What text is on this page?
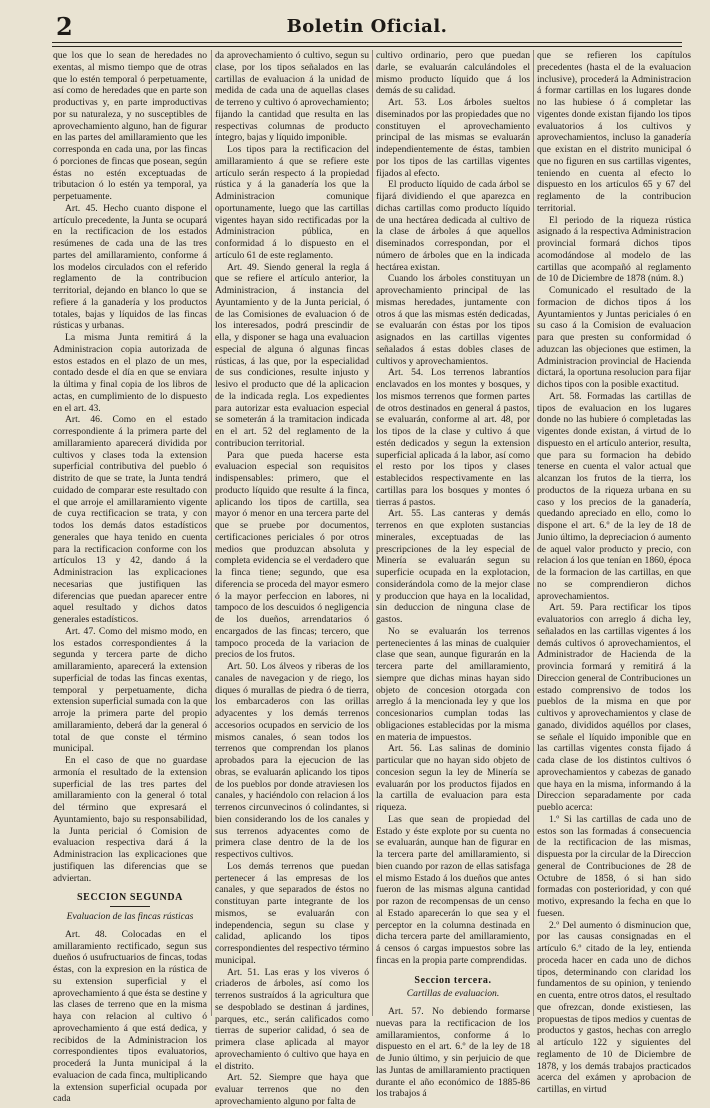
2	Boletin Oficial.

que los que lo sean de heredades no exentas, al mismo tiempo que de otras que lo estén temporal ó perpetuamente, así como de heredades que en parte son productivas y, en parte improductivas por su naturaleza, y no susceptibles de aprovechamiento alguno, han de figurar en las partes del amillaramiento que les corresponda en cada una, por las fincas ó porciones de fincas que posean, según éstas no estén exceptuadas de tributacion ó lo estén ya temporal, ya perpetuamente.

Art. 45. Hecho cuanto dispone el artículo precedente, la Junta se ocupará en la rectificacion de los estados resúmenes de cada una de las tres partes del amillaramiento, conforme á los modelos circulados con el referido reglamento de la contribucion territorial, dejando en blanco lo que se refiere á la ganadería y los productos totales, bajas y líquidos de las fincas rústicas y urbanas.

La misma Junta remitirá á la Administracion copia autorizada de estos estados en el plazo de un mes, contado desde el día en que se enviara la última y final copia de los libros de actas, en cumplimiento de lo dispuesto en el art. 43.

Art. 46. Como en el estado correspondiente á la primera parte del amillaramiento aparecerá dividida por cultivos y clases toda la extension superficial contributiva del pueblo ó distrito de que se trate, la Junta tendrá cuidado de comparar este resultado con el que arroje el amillaramiento vigente de cuya rectificacion se trata, y con todos los demás datos estadísticos generales que haya tenido en cuenta para la rectificacion conforme con los artículos 13 y 42, dando á la Administracion las explicaciones necesarias que justifiquen las diferencias que puedan aparecer entre aquel resultado y dichos datos generales estadísticos.

Art. 47. Como del mismo modo, en los estados correspondientes á la segunda y tercera parte de dicho amillaramiento, aparecerá la extension superficial de todas las fincas exentas, temporal y perpetuamente, dicha extension superficial sumada con la que arroje la primera parte del propio amillaramiento, deberá dar la general ó total de que conste el término municipal.

En el caso de que no guardase armonía el resultado de la extension superficial de las tres partes del amillaramiento con la general ó total del término que expresará el Ayuntamiento, bajo su responsabilidad, la Junta pericial ó Comision de evaluacion respectiva dará á la Administracion las explicaciones que justifiquen las diferencias que se adviertan.

SECCION SEGUNDA
Evaluacion de las fincas rústicas

Art. 48. Colocadas en el amillaramiento rectificado, segun sus dueños ó usufructuarios de fincas, todas éstas, con la expresion en la rústica de su extension superficial y el aprovechamiento á que ésta se destine y las clases de terreno que en la misma haya con relacion al cultivo ó aprovechamiento á que está dedica, y recibidos de la Administracion los correspondientes tipos evaluatorios, procederá la Junta municipal á la evaluacion de cada finca, multiplicando la extension superficial ocupada por cada

da aprovechamiento ó cultivo, segun su clase, por los tipos señalados en las cartillas de evaluacion á la unidad de medida de cada una de aquellas clases de terreno y cultivo ó aprovechamiento; fijando la cantidad que resulta en las respectivas columnas de producto íntegro, bajas y líquido imponible.

Los tipos para la rectificacion del amillaramiento á que se refiere este artículo serán respecto á la propiedad rústica y á la ganadería los que la Administracion comunique oportunamente, luego que las cartillas vigentes hayan sido rectificadas por la Administracion pública, en conformidad á lo dispuesto en el artículo 61 de este reglamento.

Art. 49. Siendo general la regla á que se refiere el artículo anterior, la Administracion, á instancia del Ayuntamiento y de la Junta pericial, ó de las Comisiones de evaluacion ó de los interesados, podrá prescindir de ella, y disponer se haga una evaluacion especial de alguna ó algunas fincas rústicas, á las que, por la especialidad de sus condiciones, resulte injusto y lesivo el producto que dé la aplicacion de la indicada regla. Los expedientes para autorizar esta evaluacion especial se someterán á la tramitacion indicada en el art. 52 del reglamento de la contribucion territorial.

Para que pueda hacerse esta evaluacion especial son requisitos indispensables: primero, que el producto líquido que resulte á la finca, aplicando los tipos de cartilla, sea mayor ó menor en una tercera parte del que se pruebe por documentos, certificaciones periciales ó por otros medios que produzcan absoluta y completa evidencia se el verdadero que la finca tiene; segundo, que esa diferencia se proceda del mayor esmero ó la mayor perfeccion en labores, ni tampoco de los descuidos ó negligencia de los dueños, arrendatarios ó encargados de las fincas; tercero, que tampoco proceda de la variacion de precios de los frutos.

Art. 50. Los álveos y riberas de los canales de navegacion y de riego, los diques ó murallas de piedra ó de tierra, los embarcaderos con las orillas adyacentes y los demás terrenos accesorios ocupados en servicio de los mismos canales, ó sean todos los terrenos que comprendan los planos aprobados para la ejecucion de las obras, se evaluarán aplicando los tipos de los pueblos por donde atraviesen los canales, y haciéndolo con relacion á los terrenos circunvecinos ó colindantes, si bien considerando los de los canales y sus terrenos adyacentes como de primera clase dentro de la de los respectivos cultivos.

Los demás terrenos que puedan pertenecer á las empresas de los canales, y que separados de éstos no constituyan parte integrante de los mismos, se evaluarán con independencia, segun su clase y calidad, aplicando los tipos correspondientes del respectivo término municipal.

Art. 51. Las eras y los viveros ó criaderos de árboles, así como los terrenos sustraídos á la agricultura que se despoblado se destinan á jardines, parques, etc., serán calificados como tierras de superior calidad, ó sea de primera clase aplicada al mayor aprovechamiento ó cultivo que haya en el distrito.

Art. 52. Siempre que haya que evaluar terrenos que no den aprovechamiento alguno por falta de

cultivo ordinario, pero que puedan darle, se evaluarán calculándoles el mismo producto líquido que á los demás de su calidad.

Art. 53. Los árboles sueltos diseminados por las propiedades que no constituyen el aprovechamiento principal de las mismas se evaluarán independientemente de éstas, tambien por los tipos de las cartillas vigentes fijados al efecto.

El producto líquido de cada árbol se fijará dividiendo el que aparezca en dichas cartillas como producto líquido de una hectárea dedicada al cultivo de la clase de árboles á que aquellos diseminados correspondan, por el número de árboles que en la indicada hectárea existan.

Cuando los árboles constituyan un aprovechamiento principal de las mismas heredades, juntamente con otros á que las mismas estén dedicadas, se evaluarán con éstas por los tipos asignados en las cartillas vigentes señalados á estas dobles clases de cultivos y aprovechamientos.

Art. 54. Los terrenos labrantíos enclavados en los montes y bosques, y los mismos terrenos que formen partes de otros destinados en general á pastos, se evaluarán, conforme al art. 48, por los tipos de la clase y cultivo á que estén dedicados y segun la extension superficial aplicada á la labor, así como el resto por los tipos y clases establecidos respectivamente en las cartillas para los bosques y montes ó tierras á pastos.

Art. 55. Las canteras y demás terrenos en que exploten sustancias minerales, exceptuadas de las prescripciones de la ley especial de Minería se evaluarán segun su superficie ocupada en la explotacion, considerándola como de la mejor clase y produccion que haya en la localidad, sin deduccion de ninguna clase de gastos.

No se evaluarán los terrenos pertenecientes á las minas de cualquier clase que sean, aunque figurarán en la tercera parte del amillaramiento, siempre que dichas minas hayan sido objeto de concesion otorgada con arreglo á la mencionada ley y que los concesionarios cumplan todas las obligaciones establecidas por la misma en materia de impuestos.

Art. 56. Las salinas de dominio particular que no hayan sido objeto de concesion segun la ley de Minería se evaluarán por los productos fijados en la cartilla de evaluacion para esta riqueza.

Las que sean de propiedad del Estado y éste explote por su cuenta no se evaluarán, aunque han de figurar en la tercera parte del amillaramiento, si bien cuando por razon de ellas satisfaga el mismo Estado á los dueños que antes fueron de las mismas alguna cantidad por razon de recompensas de un censo al Estado aparecerán lo que sea y el perceptor en la columna destinada en dicha tercera parte del amillaramiento, á censos ó cargas impuestos sobre las fincas en la propia parte comprendidas.

Seccion tercera.
Cartillas de evaluacion.

Art. 57. No debiendo formarse nuevas para la rectificacion de los amillaramientos, conforme á lo dispuesto en el art. 6.º de la ley de 18 de Junio último, y sin perjuicio de que las Juntas de amillaramiento practiquen durante el año económico de 1885-86 los trabajos á

que se refieren los capítulos precedentes (hasta el de la evaluacion inclusive), procederá la Administracion á formar cartillas en los lugares donde no las hubiese ó á completar las vigentes donde existan fijando los tipos evaluatorios á los cultivos y aprovechamientos, incluso la ganadería que existan en el distrito municipal ó que no figuren en sus cartillas vigentes, teniendo en cuenta al efecto lo dispuesto en los artículos 65 y 67 del reglamento de la contribucion territorial.

El periodo de la riqueza rústica asignado á la respectiva Administracion provincial formará dichos tipos acomodándose al modelo de las cartillas que acompañó al reglamento de 10 de Diciembre de 1878 (núm. 8.)

Comunicado el resultado de la formacion de dichos tipos á los Ayuntamientos y Juntas periciales ó en su caso á la Comision de evaluacion para que presten su conformidad ó aduzcan las objeciones que estimen, la Administracion provincial de Hacienda dictará, la oportuna resolucion para fijar dichos tipos con la posible exactitud.

Art. 58. Formadas las cartillas de tipos de evaluacion en los lugares donde no las hubiere ó completadas las vigentes donde existan, á virtud de lo dispuesto en el artículo anterior, resulta, que para su formacion ha debido tenerse en cuenta el valor actual que alcanzan los frutos de la tierra, los productos de la riqueza urbana en su caso y los precios de la ganadería, quedando apreciado en ello, como lo dispone el art. 6.º de la ley de 18 de Junio último, la depreciacion ó aumento de aquel valor producto y precio, con relacion á los que tenían en 1860, época de la formacion de las cartillas, en que no se comprendieron dichos aprovechamientos.

Art. 59. Para rectificar los tipos evaluatorios con arreglo á dicha ley, señalados en las cartillas vigentes á los demás cultivos ó aprovechamientos, el Administrador de Hacienda de la provincia formará y remitirá á la Direccion general de Contribuciones un estado comprensivo de todos los pueblos de la misma en que por cultivos y aprovechamientos y clase de ganado, divididos aquéllos por clases, se señale el líquido imponible que en las cartillas vigentes consta fijado á cada clase de los distintos cultivos ó aprovechamientos y cabezas de ganado que haya en la misma, informando á la Direccion separadamente por cada pueblo acerca:

1.º Si las cartillas de cada uno de estos son las formadas á consecuencia de la rectificacion de las mismas, dispuesta por la circular de la Direccion general de Contribuciones de 28 de Octubre de 1858, ó si han sido formadas con posterioridad, y con qué motivo, expresando la fecha en que lo fuesen.

2.º Del aumento ó disminucion que, por las causas consignadas en el artículo 6.º citado de la ley, entienda proceda hacer en cada uno de dichos tipos, determinando con claridad los fundamentos de su opinion, y teniendo en cuenta, entre otros datos, el resultado que ofrezcan, donde existiesen, las propuestas de tipos medios y cuentas de productos y gastos, hechas con arreglo al artículo 122 y siguientes del reglamento de 10 de Diciembre de 1878, y los demás trabajos practicados acerca del exámen y aprobacion de cartillas, en virtud
